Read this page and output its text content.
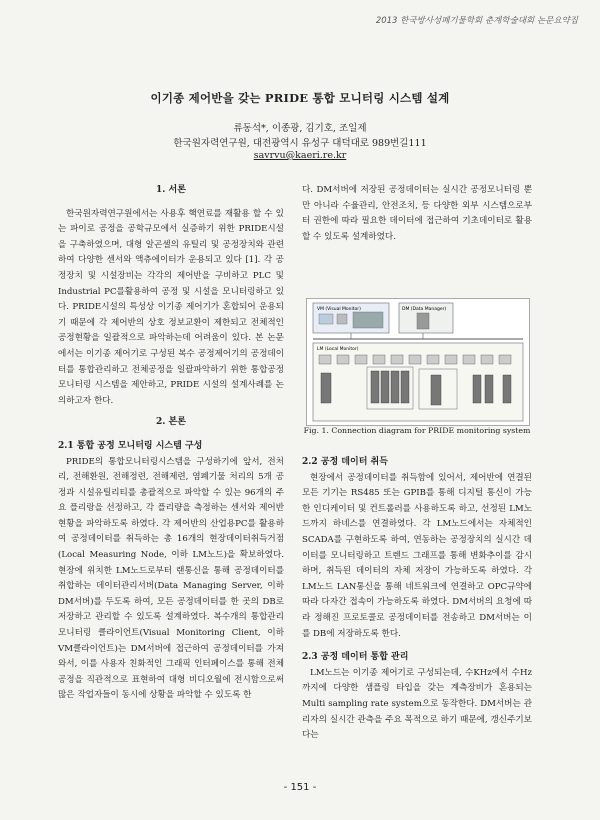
2013 한국방사성폐기물학회 춘계학술대회 논문요약집
이기종 제어반을 갖는 PRIDE 통합 모니터링 시스템 설계
류동석*, 이종광, 김기호, 조일제
한국원자력연구원, 대전광역시 유성구 대덕대로 989번길111
savrvu@kaeri.re.kr
1. 서론

한국원자력연구원에서는 사용후 핵연료를 재활용 할 수 있는 파이로 공정을 공학규모에서 실증하기 위한 PRIDE시설을 구축하였으며, 대형 알곤셀의 유틸리 및 공정장치와 관련하여 다양한 센서와 액츄에이터가 운용되고 있다 [1]. 각 공정장치 및 시설장비는 각각의 제어반을 구비하고 PLC 및 Industrial PC를활용하여 공정 및 시설을 모니터링하고 있다. PRIDE시설의 특성상 이기종 제어기가 혼합되어 운용되기 때문에 각 제어반의 상호 정보교환이 제한되고 전체적인 공정현황을 일괄적으로 파악하는데 어려움이 있다. 본 논문에서는 이기종 제어기로 구성된 복수 공정제어기의 공정데이터를 통합관리하고 전체공정을 일괄파악하기 위한 통합공정 모니터링 시스템을 제안하고, PRIDE 시설의 설계사례를 논의하고자 한다.

2. 본론
2.1 통합 공정 모니터링 시스템 구성

PRIDE의 통합모니터링시스템을 구성하기에 앞서, 전처리, 전해환원, 전해정련, 전해제련, 염폐기물 처리의 5개 공정과 시설유틸리티를 총괄적으로 파악할 수 있는 96개의 주요 플리랑을 선정하고, 각 플리량을 측정하는 센서와 제어반 현황을 파악하도록 하였다. 각 제어반의 산업용PC를 활용하여 공정데이터를 취득하는 총 16개의 현장데이터취득거점(Local Measuring Node, 이하 LM노드)을 확보하였다. 현장에 위치한 LM노드로부터 랜통신을 통해 공정데이터를 취합하는 데이터관리서버(Data Managing Server, 이하 DM서버)를 두도록 하여, 모든 공정데이터를 한 곳의 DB로 저장하고 관리할 수 있도록 설계하였다. 복수개의 통합관리 모니터링 클라이언트(Visual Monitoring Client, 이하 VM클라이언트)는 DM서버에 접근하여 공정데이터를 가져와서, 이를 사용자 친화적인 그래픽 인터페이스를 통해 전체 공정을 직관적으로 표현하여 대형 비디오월에 전시함으로써 많은 작업자들이 동시에 상황을 파악할 수 있도록 한

다. DM서버에 저장된 공정데이터는 실시간 공정모니터링 뿐만 아니라 수율관리, 안전조치, 등 다양한 외부 시스템으로부터 권한에 따라 필요한 데이터에 접근하여 기초데이터로 활용할 수 있도록 설계하였다.

VM (Visual Monitor)	DM (Data Manager)
LM (Local Monitor)
Fig. 1. Connection diagram for PRIDE monitoring system
2.2 공정 데이터 취득

현장에서 공정데이터를 취득함에 있어서, 제어반에 연결된 모든 기기는 RS485 또는 GPIB를 통해 디지털 통신이 가능한 인디케이터 및 컨트롤러를 사용하도록 하고, 선정된 LM노드까지 하네스를 연결하였다. 각 LM노드에서는 자체적인 SCADA를 구현하도록 하여, 연동하는 공정장치의 실시간 데이터를 모니터링하고 트렌드 그래프를 통해 변화추이를 감시하며, 취득된 데이터의 자체 저장이 가능하도록 하였다. 각 LM노드 LAN통신을 통해 네트워크에 연결하고 OPC규약에 따라 다자간 접속이 가능하도록 하였다. DM서버의 요청에 따라 정해진 프로토콜로 공정데이터를 전송하고 DM서버는 이를 DB에 저장하도록 한다.

2.3 공정 데이터 통합 관리

LM노드는 이기종 제어기로 구성되는데, 수KHz에서 수Hz 까지에 다양한 샘플링 타입을 갖는 계측장비가 혼용되는 Multi sampling rate system으로 동작한다. DM서버는 관리자의 실시간 관측을 주요 목적으로 하기 때문에, 갱신주기보다는

- 151 -
